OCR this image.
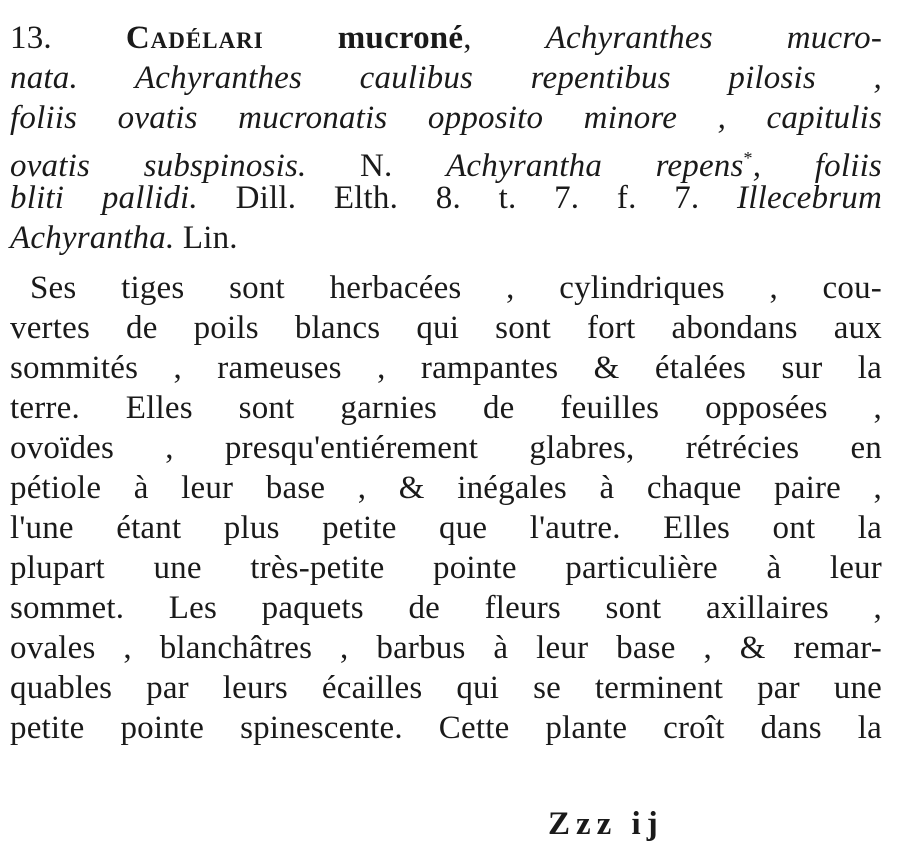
13. Cadélari mucroné, Achyranthes mucro-
nata. Achyranthes caulibus repentibus pilosis ,
foliis ovatis mucronatis opposito minore , capitulis
ovatis subspinosis. N. Achyrantha repens*, foliis
bliti pallidi. Dill. Elth. 8. t. 7. f. 7. Illecebrum
Achyrantha. Lin.
Ses tiges sont herbacées , cylindriques , cou-
vertes de poils blancs qui sont fort abondans aux
sommités , rameuses , rampantes & étalées sur la
terre. Elles sont garnies de feuilles opposées ,
ovoïdes , presqu'entiérement glabres, rétrécies en
pétiole à leur base , & inégales à chaque paire ,
l'une étant plus petite que l'autre. Elles ont la
plupart une très-petite pointe particulière à leur
sommet. Les paquets de fleurs sont axillaires ,
ovales , blanchâtres , barbus à leur base , & remar-
quables par leurs écailles qui se terminent par une
petite pointe spinescente. Cette plante croît dans la
Zzz ij
